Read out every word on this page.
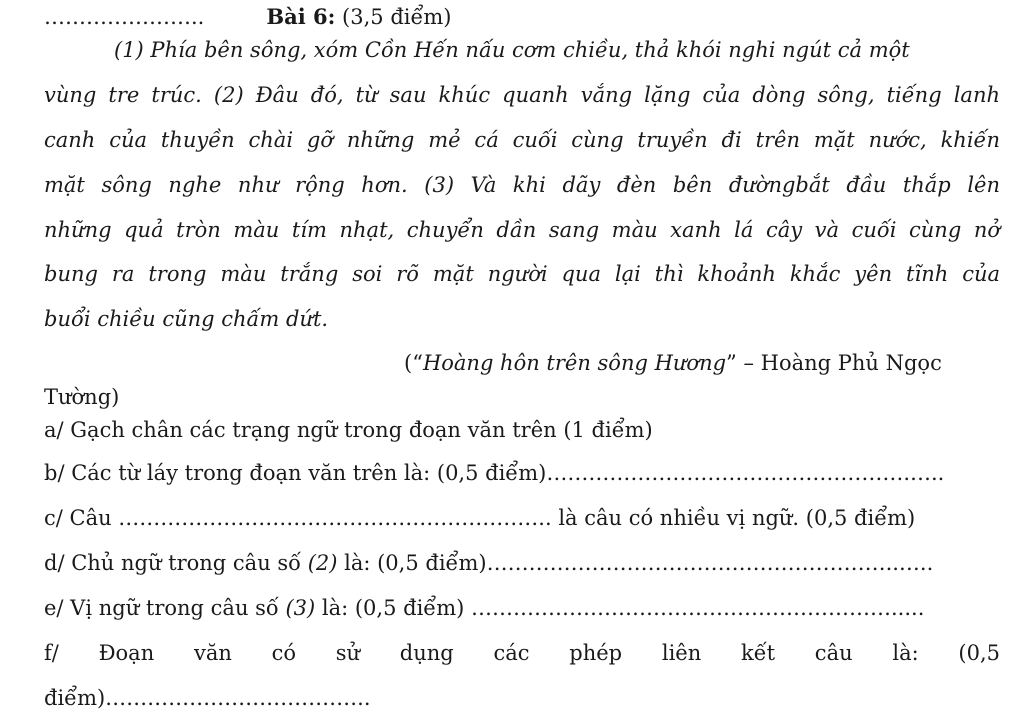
…………………..	Bài 6: (3,5 điểm)
(1) Phía bên sông, xóm Cồn Hến nấu cơm chiều, thả khói nghi ngút cả một
vùng tre trúc. (2) Đâu đó, từ sau khúc quanh vắng lặng của dòng sông, tiếng lanh
canh của thuyền chài gỡ những mẻ cá cuối cùng truyền đi trên mặt nước, khiến
mặt sông nghe như rộng hơn. (3) Và khi dãy đèn bên đườngbắt đầu thắp lên
những quả tròn màu tím nhạt, chuyển dần sang màu xanh lá cây và cuối cùng nở
bung ra trong màu trắng soi rõ mặt người qua lại thì khoảnh khắc yên tĩnh của
buổi chiều cũng chấm dứt.
(“Hoàng hôn trên sông Hương” – Hoàng Phủ Ngọc
Tường)
a/ Gạch chân các trạng ngữ trong đoạn văn trên (1 điểm)
b/ Các từ láy trong đoạn văn trên là: (0,5 điểm)…………………………………………….…..
c/ Câu …………………………………………………….. là câu có nhiều vị ngữ. (0,5 điểm)
d/ Chủ ngữ trong câu số (2) là: (0,5 điểm)…………………………………………………..…..
e/ Vị ngữ trong câu số (3) là: (0,5 điểm) …………………………………………………….....
f/ Đoạn văn có sử dụng các phép liên kết câu là: (0,5
điểm)………………………………..
